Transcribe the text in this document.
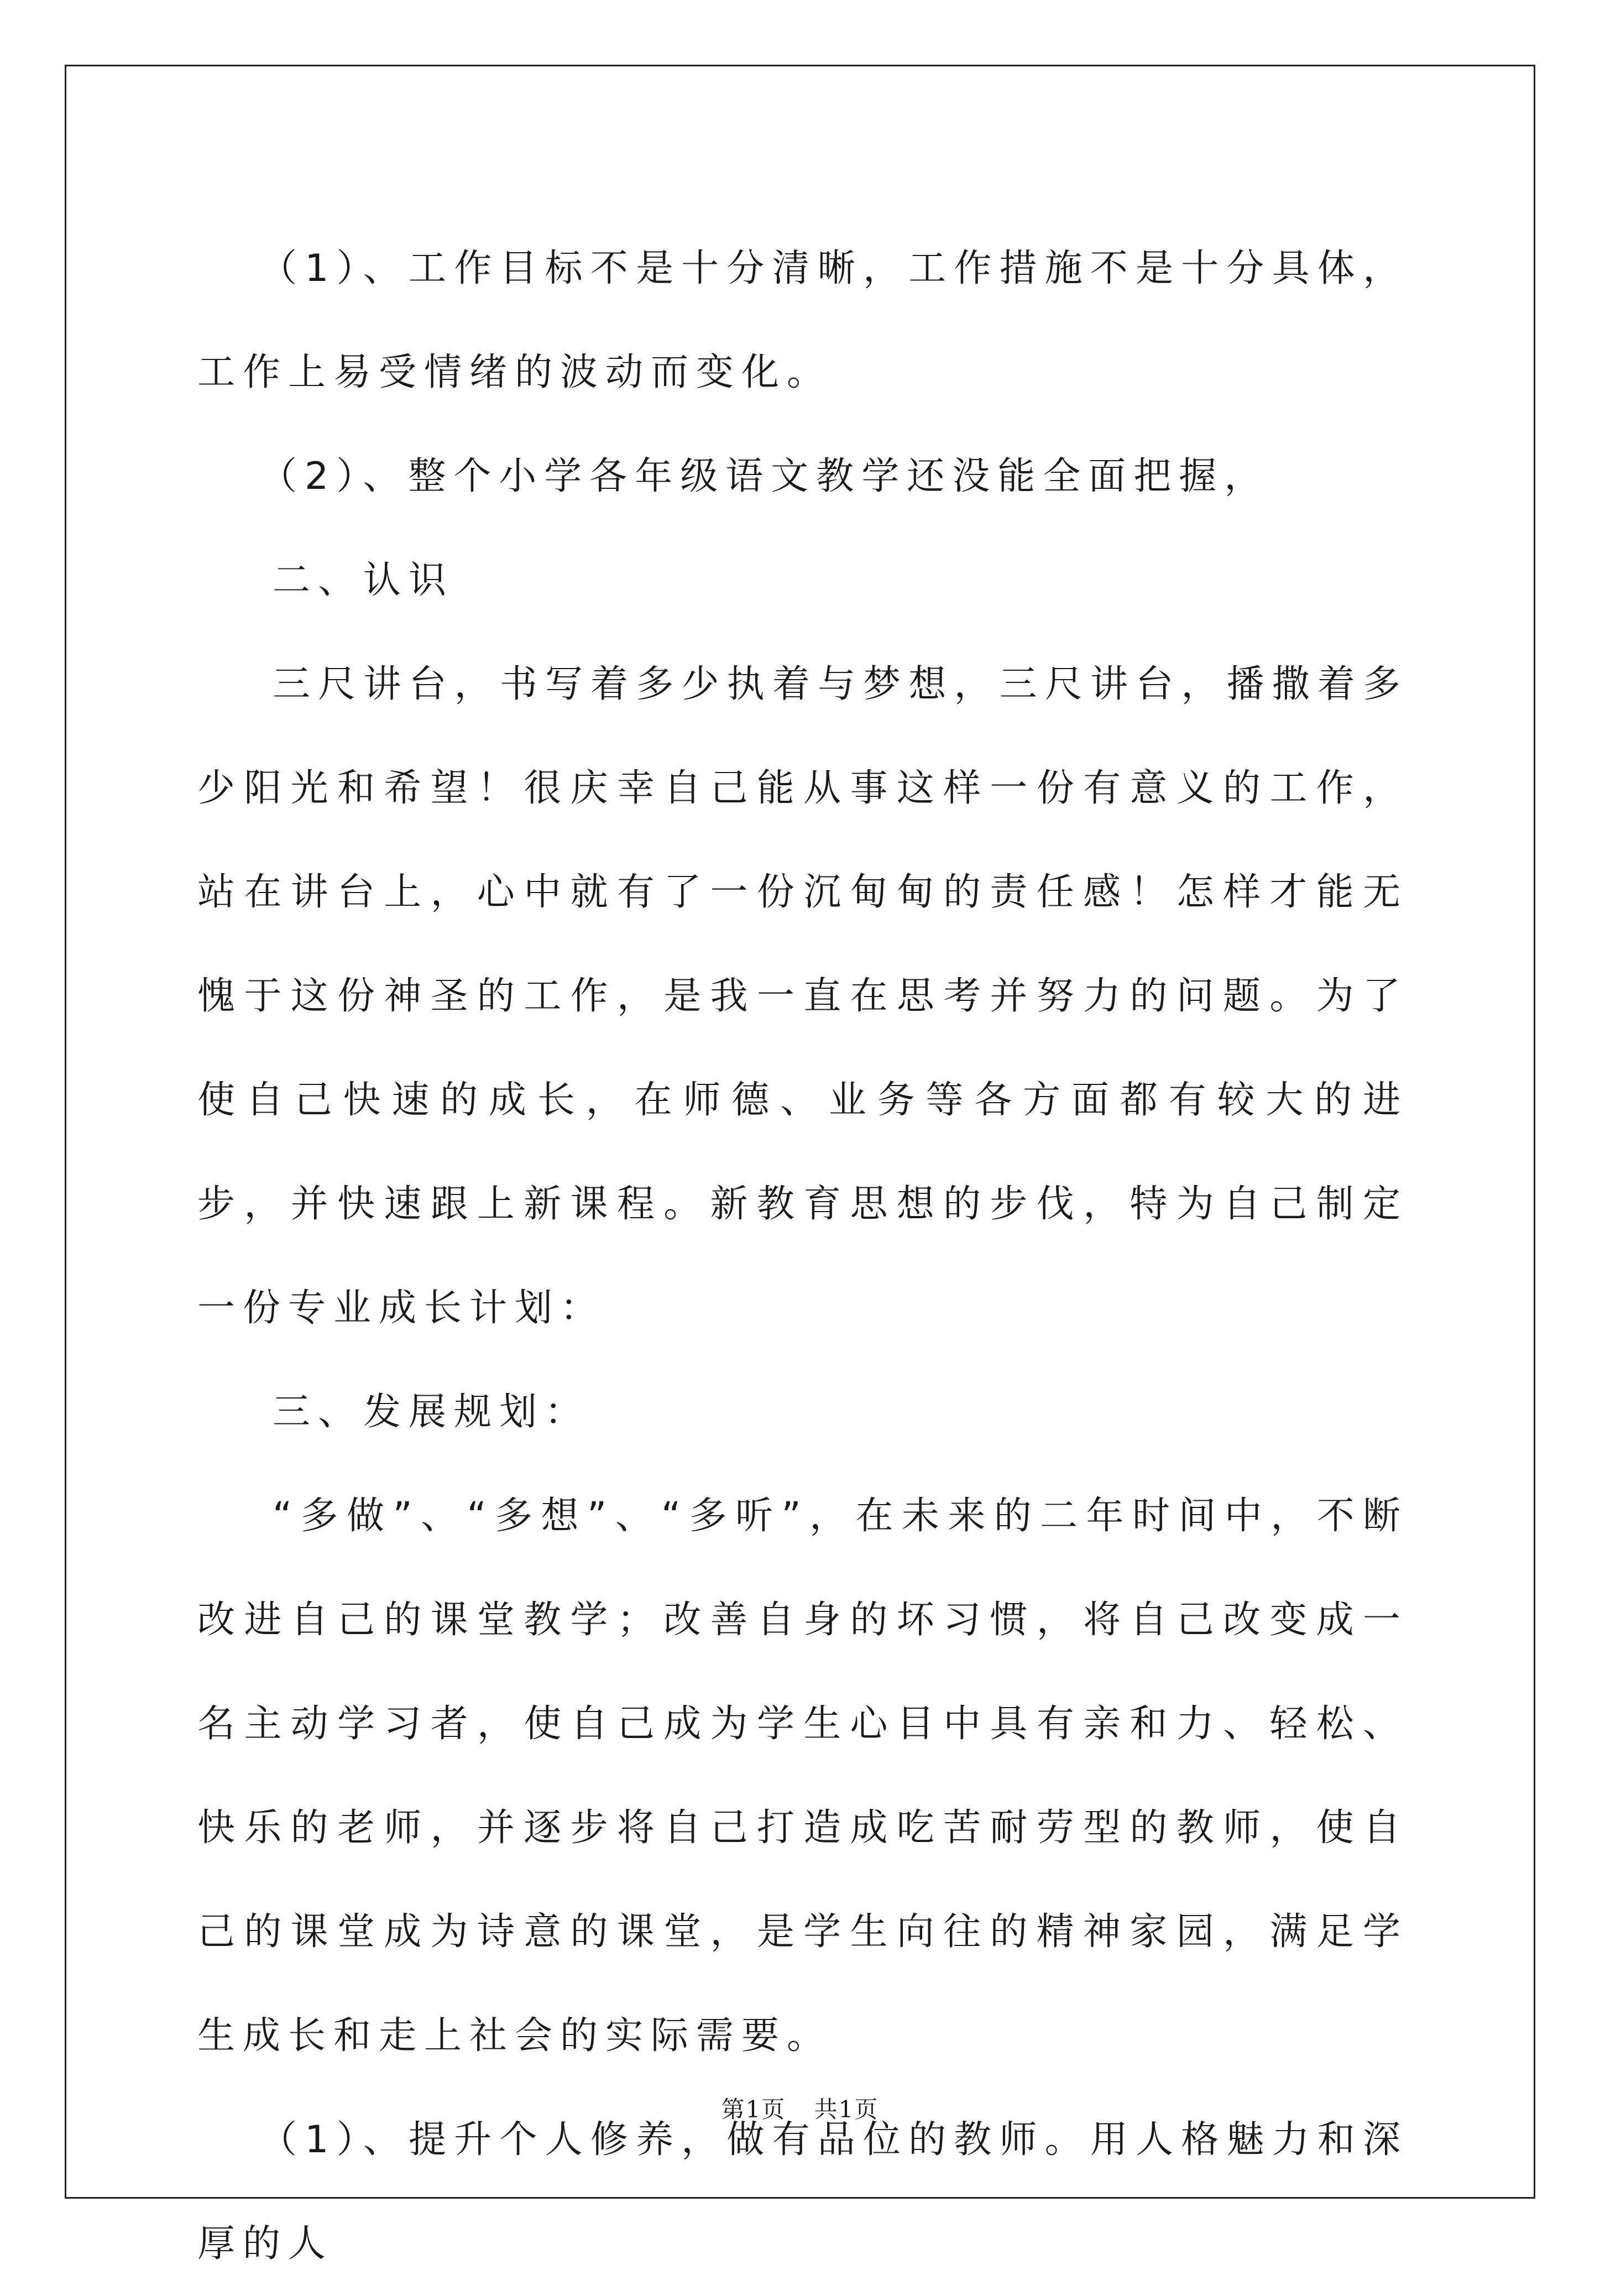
（1）、工作目标不是十分清晰，工作措施不是十分具体，工作上易受情绪的波动而变化。

（2）、整个小学各年级语文教学还没能全面把握，

二、认识

三尺讲台，书写着多少执着与梦想，三尺讲台，播撒着多少阳光和希望！很庆幸自己能从事这样一份有意义的工作，站在讲台上，心中就有了一份沉甸甸的责任感！怎样才能无愧于这份神圣的工作，是我一直在思考并努力的问题。为了使自己快速的成长，在师德、业务等各方面都有较大的进步，并快速跟上新课程。新教育思想的步伐，特为自己制定一份专业成长计划：

三、发展规划：

“多做”、“多想”、“多听”，在未来的二年时间中，不断改进自己的课堂教学；改善自身的坏习惯，将自己改变成一名主动学习者，使自己成为学生心目中具有亲和力、轻松、快乐的老师，并逐步将自己打造成吃苦耐劳型的教师，使自己的课堂成为诗意的课堂，是学生向往的精神家园，满足学生成长和走上社会的实际需要。

（1）、提升个人修养，做有品位的教师。用人格魅力和深厚的人

第1页 共1页
